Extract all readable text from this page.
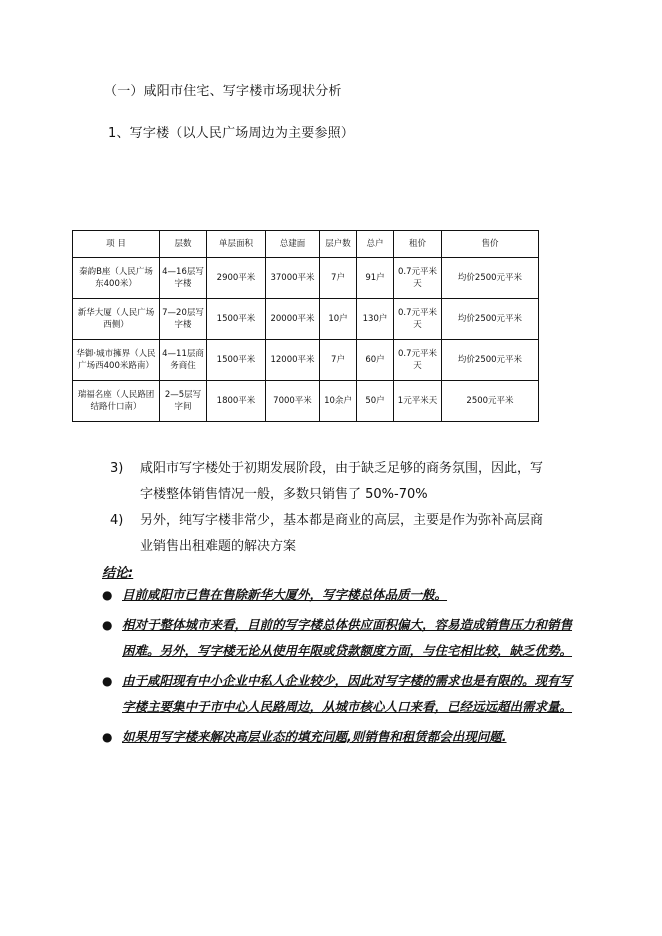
（一）咸阳市住宅、写字楼市场现状分析
1、写字楼（以人民广场周边为主要参照）
项 目	层数	单层面积	总建面	层户数	总户	租价	售价
秦韵B座（人民广场东400米）	4—16层写字楼	2900平米	37000平米	7户	91户	0.7元平米天	均价2500元平米
新华大厦（人民广场西侧）	7—20层写字楼	1500平米	20000平米	10户	130户	0.7元平米天	均价2500元平米
华御·城市擁界（人民广场西400米路南）	4—11层商务商住	1500平米	12000平米	7户	60户	0.7元平米天	均价2500元平米
瑞福名座（人民路团结路什口南）	2—5层写字间	1800平米	7000平米	10余户	50户	1元平米天	2500元平米
3) 咸阳市写字楼处于初期发展阶段，由于缺乏足够的商务氛围，因此，写
字楼整体销售情况一般，多数只销售了 50%-70%
4) 另外，纯写字楼非常少，基本都是商业的高层，主要是作为弥补高层商
业销售出租难题的解决方案
结论:
● 目前咸阳市已售在售除新华大厦外，写字楼总体品质一般。
● 相对于整体城市来看，目前的写字楼总体供应面积偏大，容易造成销售压力和销售困难。另外，写字楼无论从使用年限或贷款额度方面，与住宅相比较，缺乏优势。
● 由于咸阳现有中小企业中私人企业较少，因此对写字楼的需求也是有限的。现有写字楼主要集中于市中心人民路周边，从城市核心人口来看，已经远远超出需求量。
● 如果用写字楼来解决高层业态的填充问题,则销售和租赁都会出现问题.
